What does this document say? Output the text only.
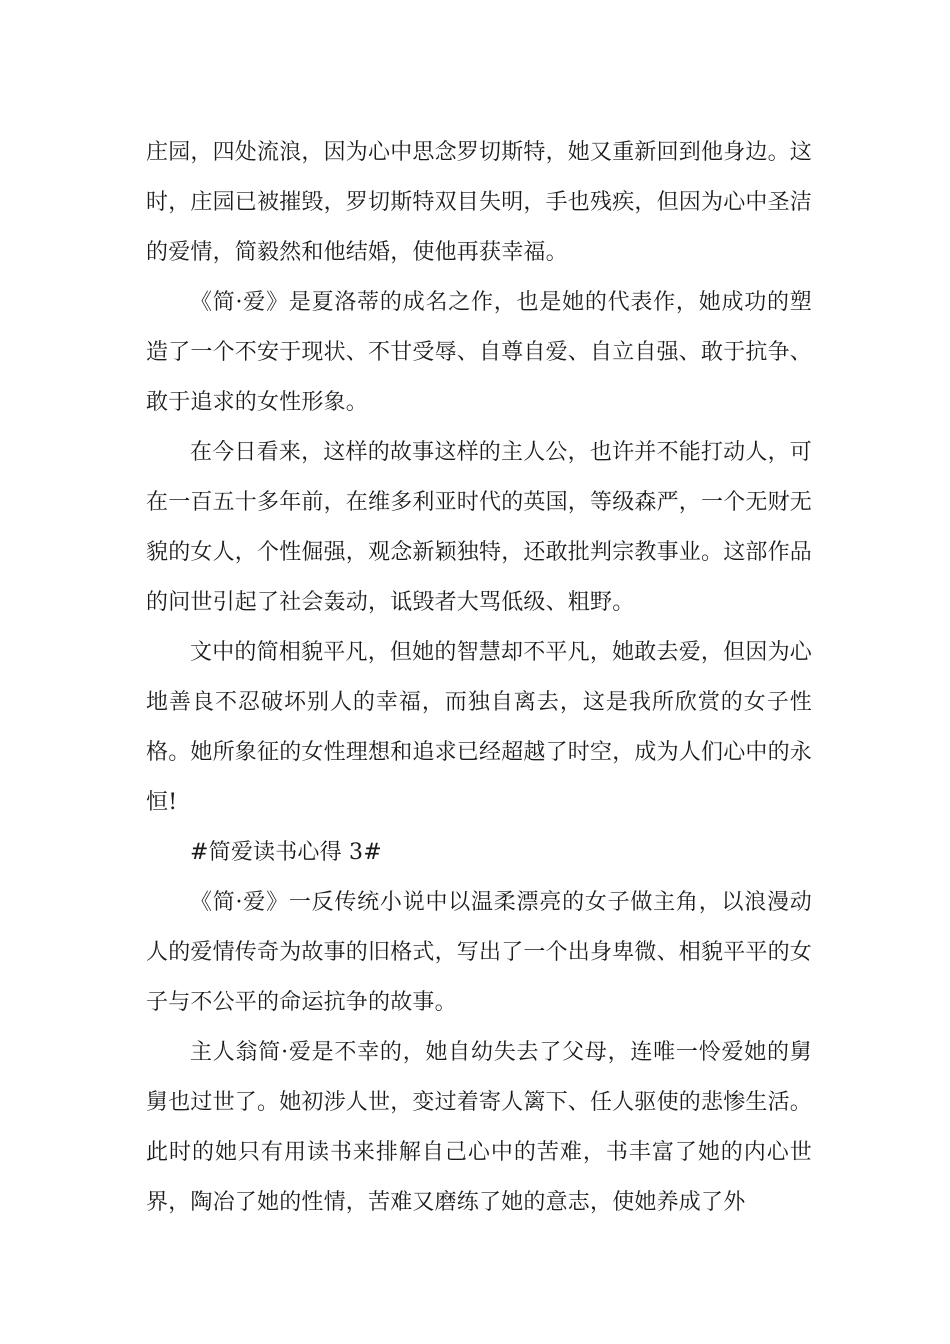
庄园，四处流浪，因为心中思念罗切斯特，她又重新回到他身边。这时，庄园已被摧毁，罗切斯特双目失明，手也残疾，但因为心中圣洁的爱情，简毅然和他结婚，使他再获幸福。

《简·爱》是夏洛蒂的成名之作，也是她的代表作，她成功的塑造了一个不安于现状、不甘受辱、自尊自爱、自立自强、敢于抗争、敢于追求的女性形象。

在今日看来，这样的故事这样的主人公，也许并不能打动人，可在一百五十多年前，在维多利亚时代的英国，等级森严，一个无财无貌的女人，个性倔强，观念新颖独特，还敢批判宗教事业。这部作品的问世引起了社会轰动，诋毁者大骂低级、粗野。

文中的简相貌平凡，但她的智慧却不平凡，她敢去爱，但因为心地善良不忍破坏别人的幸福，而独自离去，这是我所欣赏的女子性格。她所象征的女性理想和追求已经超越了时空，成为人们心中的永恒!

#简爱读书心得 3#

《简·爱》一反传统小说中以温柔漂亮的女子做主角，以浪漫动人的爱情传奇为故事的旧格式，写出了一个出身卑微、相貌平平的女子与不公平的命运抗争的故事。

主人翁简·爱是不幸的，她自幼失去了父母，连唯一怜爱她的舅舅也过世了。她初涉人世，变过着寄人篱下、任人驱使的悲惨生活。此时的她只有用读书来排解自己心中的苦难，书丰富了她的内心世界，陶冶了她的性情，苦难又磨练了她的意志，使她养成了外
